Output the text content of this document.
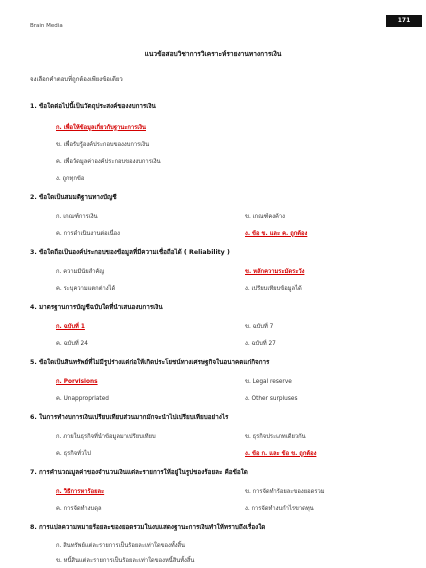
Brain Media
171
แนวข้อสอบวิชาการวิเคราะห์รายงานทางการเงิน
จงเลือกคำตอบที่ถูกต้องเพียงข้อเดียว
1. ข้อใดต่อไปนี้เป็นวัตถุประสงค์ของงบการเงิน
ก. เพื่อให้ข้อมูลเกี่ยวกับฐานะการเงิน
ข. เพื่อรับรู้องค์ประกอบของงบการเงิน
ค. เพื่อวัดมูลค่าองค์ประกอบของงบการเงิน
ง. ถูกทุกข้อ
2. ข้อใดเป็นสมมติฐานทางบัญชี
ก. เกณฑ์การเงิน	ข. เกณฑ์คงค้าง
ค. การดำเนินงานต่อเนื่อง	ง. ข้อ ข. และ ค. ถูกต้อง
3. ข้อใดถือเป็นองค์ประกอบของข้อมูลที่มีความเชื่อถือได้ ( Reliability )
ก. ความมีนัยสำคัญ	ข. หลักความระมัดระวัง
ค. ระบุความแตกต่างได้	ง. เปรียบเทียบข้อมูลได้
4. มาตรฐานการบัญชีฉบับใดที่นำเสนองบการเงิน
ก. ฉบับที่ 1	ข. ฉบับที่ 7
ค. ฉบับที่ 24	ง. ฉบับที่ 27
5. ข้อใดเป็นสินทรัพย์ที่ไม่มีรูปร่างแต่ก่อให้เกิดประโยชน์ทางเศรษฐกิจในอนาคตแก่กิจการ
ก. Porvisions	ข. Legal reserve
ค. Unappropriated	ง. Other surpluses
6. ในการทำงบการเงินเปรียบเทียบส่วนมากมักจะนำไปเปรียบเทียบอย่างไร
ก. ภายในธุรกิจที่นำข้อมูลมาเปรียบเทียบ	ข. ธุรกิจประเภทเดียวกัน
ค. ธุรกิจทั่วไป	ง. ข้อ ก. และ ข้อ ข. ถูกต้อง
7. การคำนวณมูลค่าของจำนวนเงินแต่ละรายการให้อยู่ในรูปของร้อยละ คือข้อใด
ก. วิธีการหาร้อยละ	ข. การจัดทำร้อยละของยอดรวม
ค. การจัดทำงบดุล	ง. การจัดทำงบกำไรขาดทุน
8. การแปลความหมายร้อยละของยอดรวมในงบแสดงฐานะการเงินทำให้ทราบถึงเรื่องใด
ก. สินทรัพย์แต่ละรายการเป็นร้อยละเท่าใดของทั้งสิ้น
ข. หนี้สินแต่ละรายการเป็นร้อยละเท่าใดของหนี้สินทั้งสิ้น
